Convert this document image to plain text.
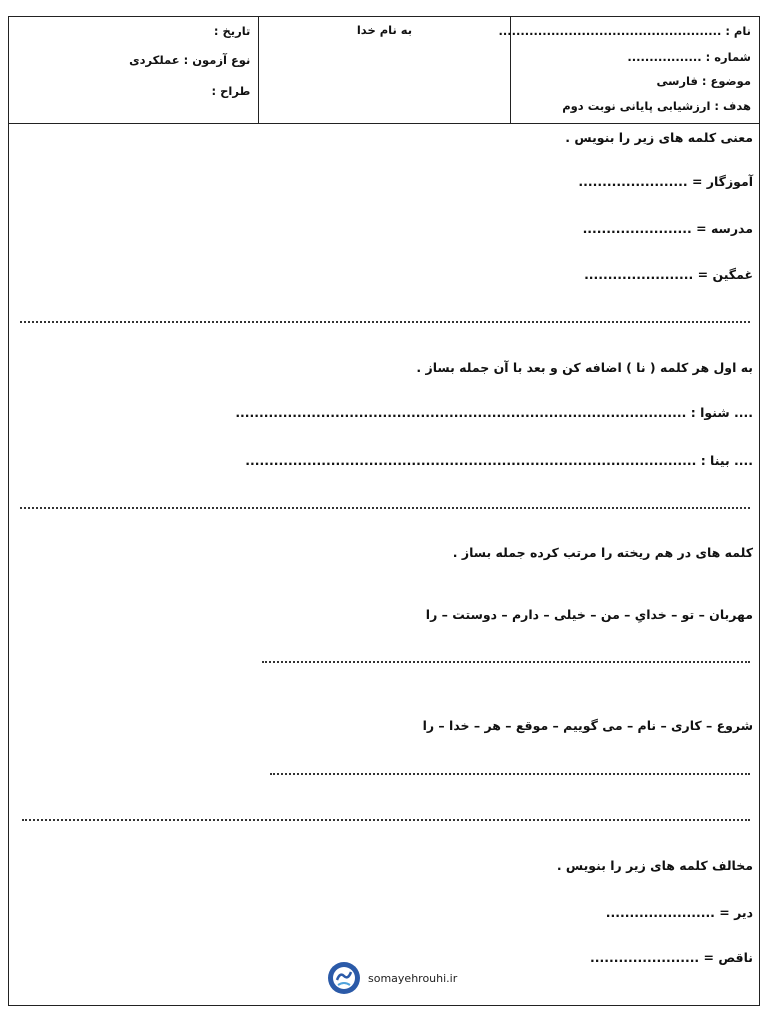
تاریخ :
نوع آزمون : عملکردی
طراح :
به نام خدا	نام : ...................................................
شماره : .................
موضوع : فارسی
هدف : ارزشیابی پایانی نوبت دوم
معنی کلمه های زیر را بنویس .
آموزگار = .......................
مدرسه = .......................
غمگین = .......................
به اول هر کلمه ( نا ) اضافه کن و بعد با آن جمله بساز .
.... شنوا : ...............................................................................................
.... بینا : ...............................................................................................
کلمه های در هم ریخته را مرتب کرده جمله بساز .
مهربان – تو – خدایِ – من – خیلی – دارم – دوستت – را
شروع – کاری – نام – می گوییم – موقع – هر – خدا – را
مخالف کلمه های زیر را بنویس .
دیر = .......................
ناقص = .......................
somayehrouhi.ir
